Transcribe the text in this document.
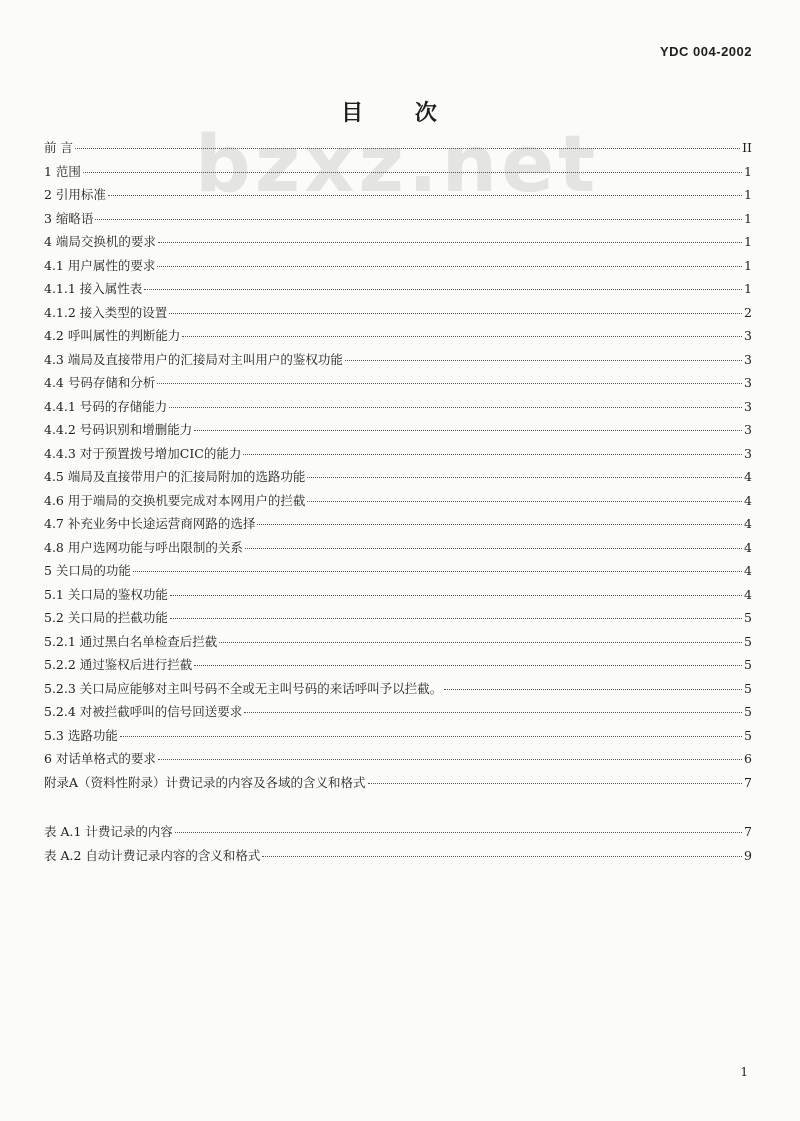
YDC 004-2002
bzxz.net
目 次
前 言	II
1 范围	1
2 引用标准	1
3 缩略语	1
4 端局交换机的要求	1
4.1 用户属性的要求	1
4.1.1 接入属性表	1
4.1.2 接入类型的设置	2
4.2 呼叫属性的判断能力	3
4.3 端局及直接带用户的汇接局对主叫用户的鉴权功能	3
4.4 号码存储和分析	3
4.4.1 号码的存储能力	3
4.4.2 号码识别和增删能力	3
4.4.3 对于预置拨号增加CIC的能力	3
4.5 端局及直接带用户的汇接局附加的选路功能	4
4.6 用于端局的交换机要完成对本网用户的拦截	4
4.7 补充业务中长途运营商网路的选择	4
4.8 用户选网功能与呼出限制的关系	4
5 关口局的功能	4
5.1 关口局的鉴权功能	4
5.2 关口局的拦截功能	5
5.2.1 通过黑白名单检查后拦截	5
5.2.2 通过鉴权后进行拦截	5
5.2.3 关口局应能够对主叫号码不全或无主叫号码的来话呼叫予以拦截。	5
5.2.4 对被拦截呼叫的信号回送要求	5
5.3 选路功能	5
6 对话单格式的要求	6
附录A（资料性附录）计费记录的内容及各域的含义和格式	7
表 A.1 计费记录的内容	7
表 A.2 自动计费记录内容的含义和格式	9
1
